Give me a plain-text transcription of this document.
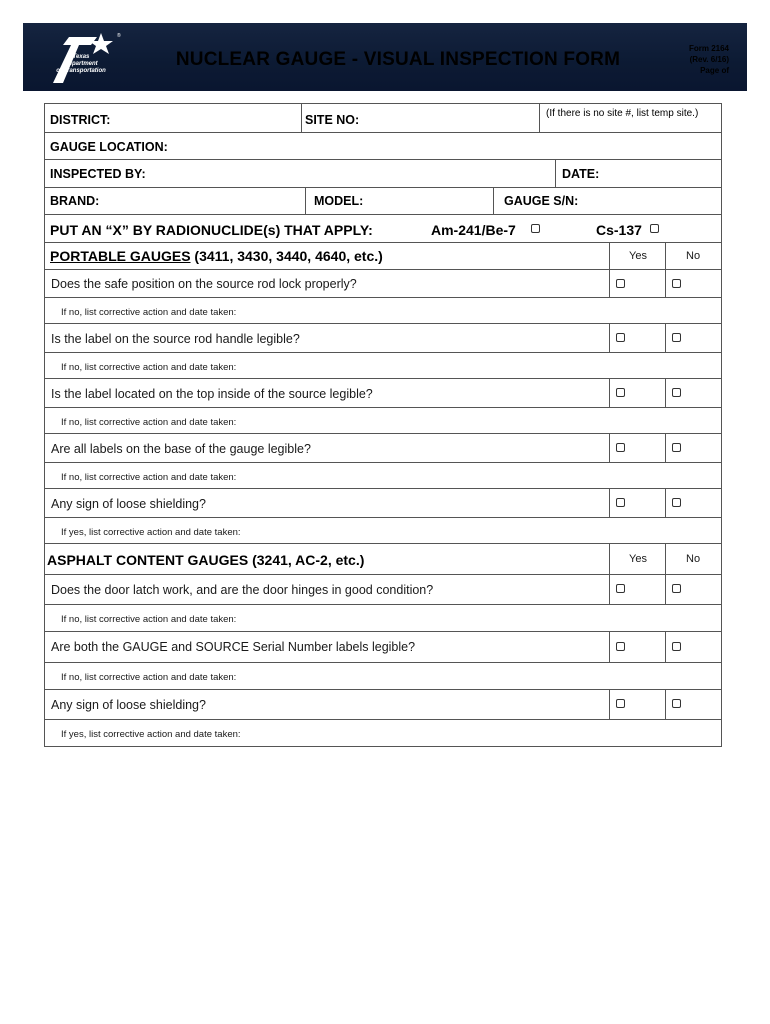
®
Texas
Department
of Transportation
NUCLEAR GAUGE - VISUAL INSPECTION FORM
Form 2164
(Rev. 6/16)
Page of
DISTRICT:	SITE NO:	(If there is no site #, list temp site.)
GAUGE LOCATION:
INSPECTED BY:	DATE:
BRAND:	MODEL:	GAUGE S/N:
PUT AN “X” BY RADIONUCLIDE(s) THAT APPLY:	Am-241/Be-7	Cs-137
PORTABLE GAUGES (3411, 3430, 3440, 4640, etc.)	Yes	No
Does the safe position on the source rod lock properly?
If no, list corrective action and date taken:
Is the label on the source rod handle legible?
If no, list corrective action and date taken:
Is the label located on the top inside of the source legible?
If no, list corrective action and date taken:
Are all labels on the base of the gauge legible?
If no, list corrective action and date taken:
Any sign of loose shielding?
If yes, list corrective action and date taken:
ASPHALT CONTENT GAUGES (3241, AC-2, etc.)	Yes	No
Does the door latch work, and are the door hinges in good condition?
If no, list corrective action and date taken:
Are both the GAUGE and SOURCE Serial Number labels legible?
If no, list corrective action and date taken:
Any sign of loose shielding?
If yes, list corrective action and date taken:
